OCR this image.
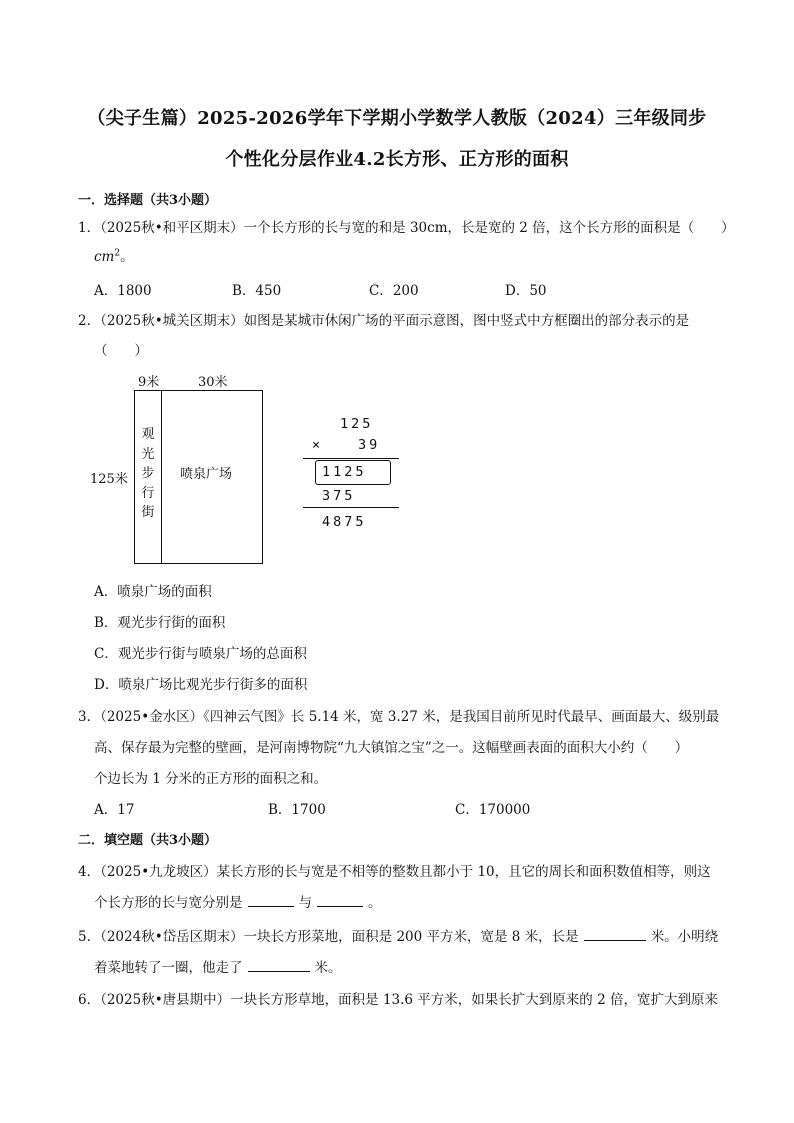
（尖子生篇）2025-2026学年下学期小学数学人教版（2024）三年级同步
个性化分层作业4.2长方形、正方形的面积
一．选择题（共3小题）
1．（2025秋•和平区期末）一个长方形的长与宽的和是 30cm，长是宽的 2 倍，这个长方形的面积是（　　）
$cm^2$。
A．1800	B．450	C．200	D．50
2．（2025秋•城关区期末）如图是某城市休闲广场的平面示意图，图中竖式中方框圈出的部分表示的是
（　　）
9米	30米
125米
观
光
步
行
街
喷泉广场
125
×	39
1125
375
4875
A．喷泉广场的面积
B．观光步行街的面积
C．观光步行街与喷泉广场的总面积
D．喷泉广场比观光步行街多的面积
3．（2025•金水区）《四神云气图》长 5.14 米，宽 3.27 米，是我国目前所见时代最早、画面最大、级别最
高、保存最为完整的壁画，是河南博物院“九大镇馆之宝”之一。这幅壁画表面的面积大小约（　　）
个边长为 1 分米的正方形的面积之和。
A．17	B．1700	C．170000
二．填空题（共3小题）
4．（2025•九龙坡区）某长方形的长与宽是不相等的整数且都小于 10，且它的周长和面积数值相等，则这
个长方形的长与宽分别是	与	。
5．（2024秋•岱岳区期末）一块长方形菜地，面积是 200 平方米，宽是 8 米，长是	米。小明绕
着菜地转了一圈，他走了	米。
6．（2025秋•唐县期中）一块长方形草地，面积是 13.6 平方米，如果长扩大到原来的 2 倍，宽扩大到原来
